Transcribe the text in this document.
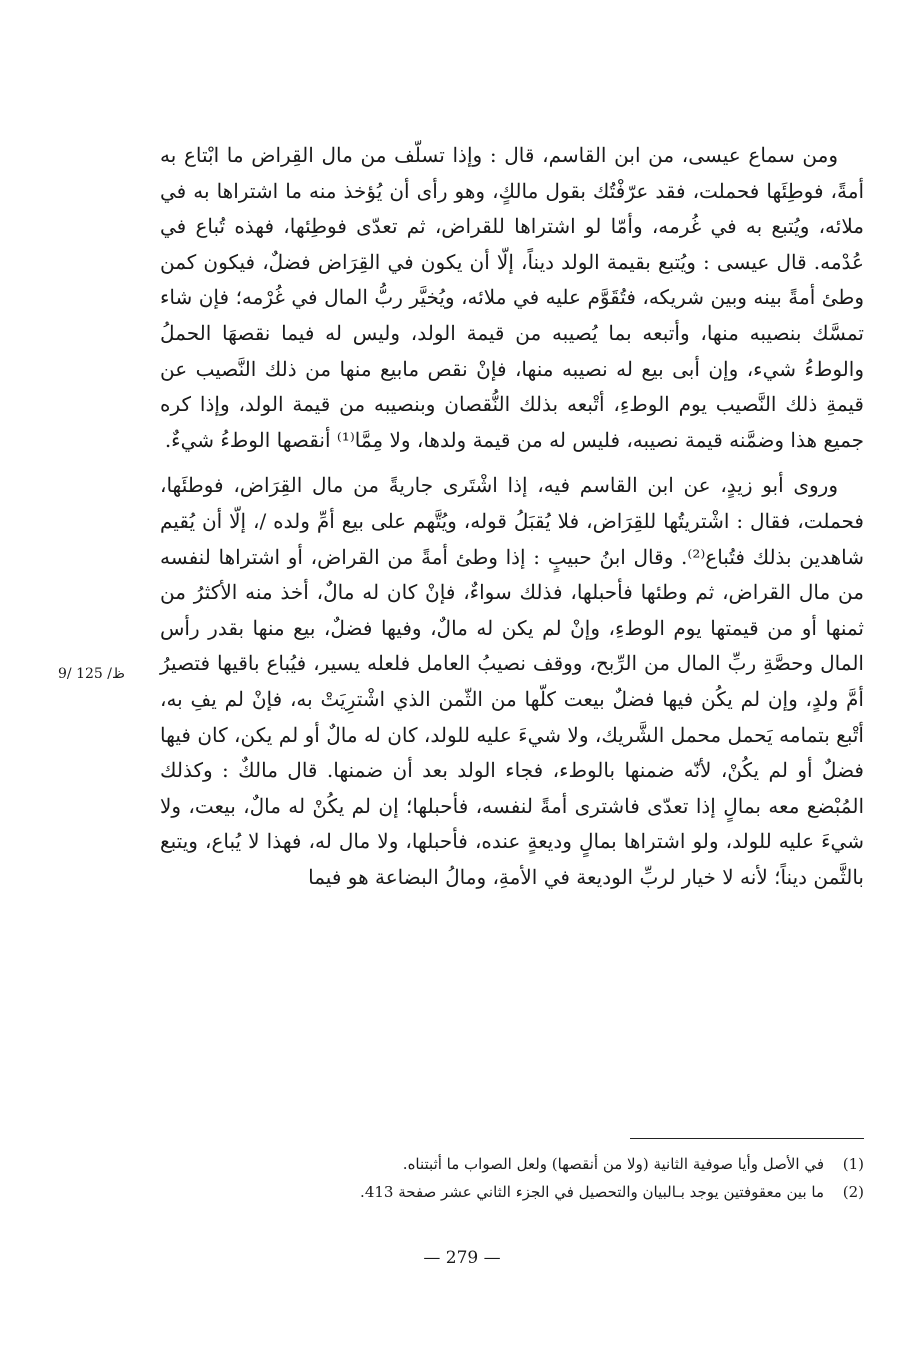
ومن سماع عيسى، من ابن القاسم، قال : وإذا تسلّف من مال القِراض ما ابْتاع به أمةً، فوطِئَها فحملت، فقد عرّفْتُك بقول مالكٍ، وهو رأى أن يُؤخذ منه ما اشتراها به في ملائه، ويُتبع به في غُرمه، وأمّا لو اشتراها للقراض، ثم تعدّى فوطِئها، فهذه تُباع في عُدْمه. قال عيسى : ويُتبع بقيمة الولد ديناً، إلّا أن يكون في القِرَاض فضلٌ، فيكون كمن وطئ أمةً بينه وبين شريكه، فتُقَوَّم عليه في ملائه، ويُخيَّر ربُّ المال في غُرْمه؛ فإن شاء تمسَّك بنصيبه منها، وأتبعه بما يُصيبه من قيمة الولد، وليس له فيما نقصهَا الحملُ والوطءُ شيء، وإن أبى بيع له نصيبه منها، فإنْ نقص مابيع منها من ذلك النَّصيب عن قيمةِ ذلك النَّصيب يوم الوطءِ، أتْبعه بذلك النُّقصان وبنصيبه من قيمة الولد، وإذا كره جميع هذا وضمَّنه قيمة نصيبه، فليس له من قيمة ولدها، ولا مِمَّا⁽¹⁾ أنقصها الوطءُ شيءٌ.

وروى أبو زيدٍ، عن ابن القاسم فيه، إذا اشْتَرى جاريةً من مال القِرَاض، فوطئَها، فحملت، فقال : اشْتريتُها للقِرَاض، فلا يُقبَلُ قوله، ويُتَّهم على بيع أمِّ ولده /، إلّا أن يُقيم شاهدين بذلك فتُباع⁽²⁾. وقال ابنُ حبيبٍ : إذا وطئ أمةً من القراض، أو اشتراها لنفسه من مال القراض، ثم وطئها فأحبلها، فذلك سواءٌ، فإنْ كان له مالٌ، أخذ منه الأكثرُ من ثمنها أو من قيمتها يوم الوطءِ، وإنْ لم يكن له مالٌ، وفيها فضلٌ، بيع منها بقدر رأس المال وحصَّةِ ربِّ المال من الرِّبح، ووقف نصيبُ العامل فلعله يسير، فيُباع باقيها فتصيرُ أمَّ ولدٍ، وإن لم يكُن فيها فضلٌ بيعت كلّها من الثّمن الذي اشْترِيَتْ به، فإنْ لم يفِ به، أتْبع بتمامه يَحمل محمل الشَّريك، ولا شيءَ عليه للولد، كان له مالٌ أو لم يكن، كان فيها فضلٌ أو لم يكُنْ، لأنّه ضمنها بالوطء، فجاء الولد بعد أن ضمنها. قال مالكٌ : وكذلك المُبْضع معه بمالٍ إذا تعدّى فاشترى أمةً لنفسه، فأحبلها؛ إن لم يكُنْ له مالٌ، بيعت، ولا شيءَ عليه للولد، ولو اشتراها بمالٍ وديعةٍ عنده، فأحبلها، ولا مال له، فهذا لا يُباع، ويتبع بالثَّمن ديناً؛ لأنه لا خيار لربِّ الوديعة في الأمةِ، ومالُ البضاعة هو فيما

ظ/ 125 /9
(1)
في الأصل وأيا صوفية الثانية (ولا من أنقصها) ولعل الصواب ما أثبتناه.
(2)
ما بين معقوفتين يوجد بـالبيان والتحصيل في الجزء الثاني عشر صفحة 413.
— 279 —
